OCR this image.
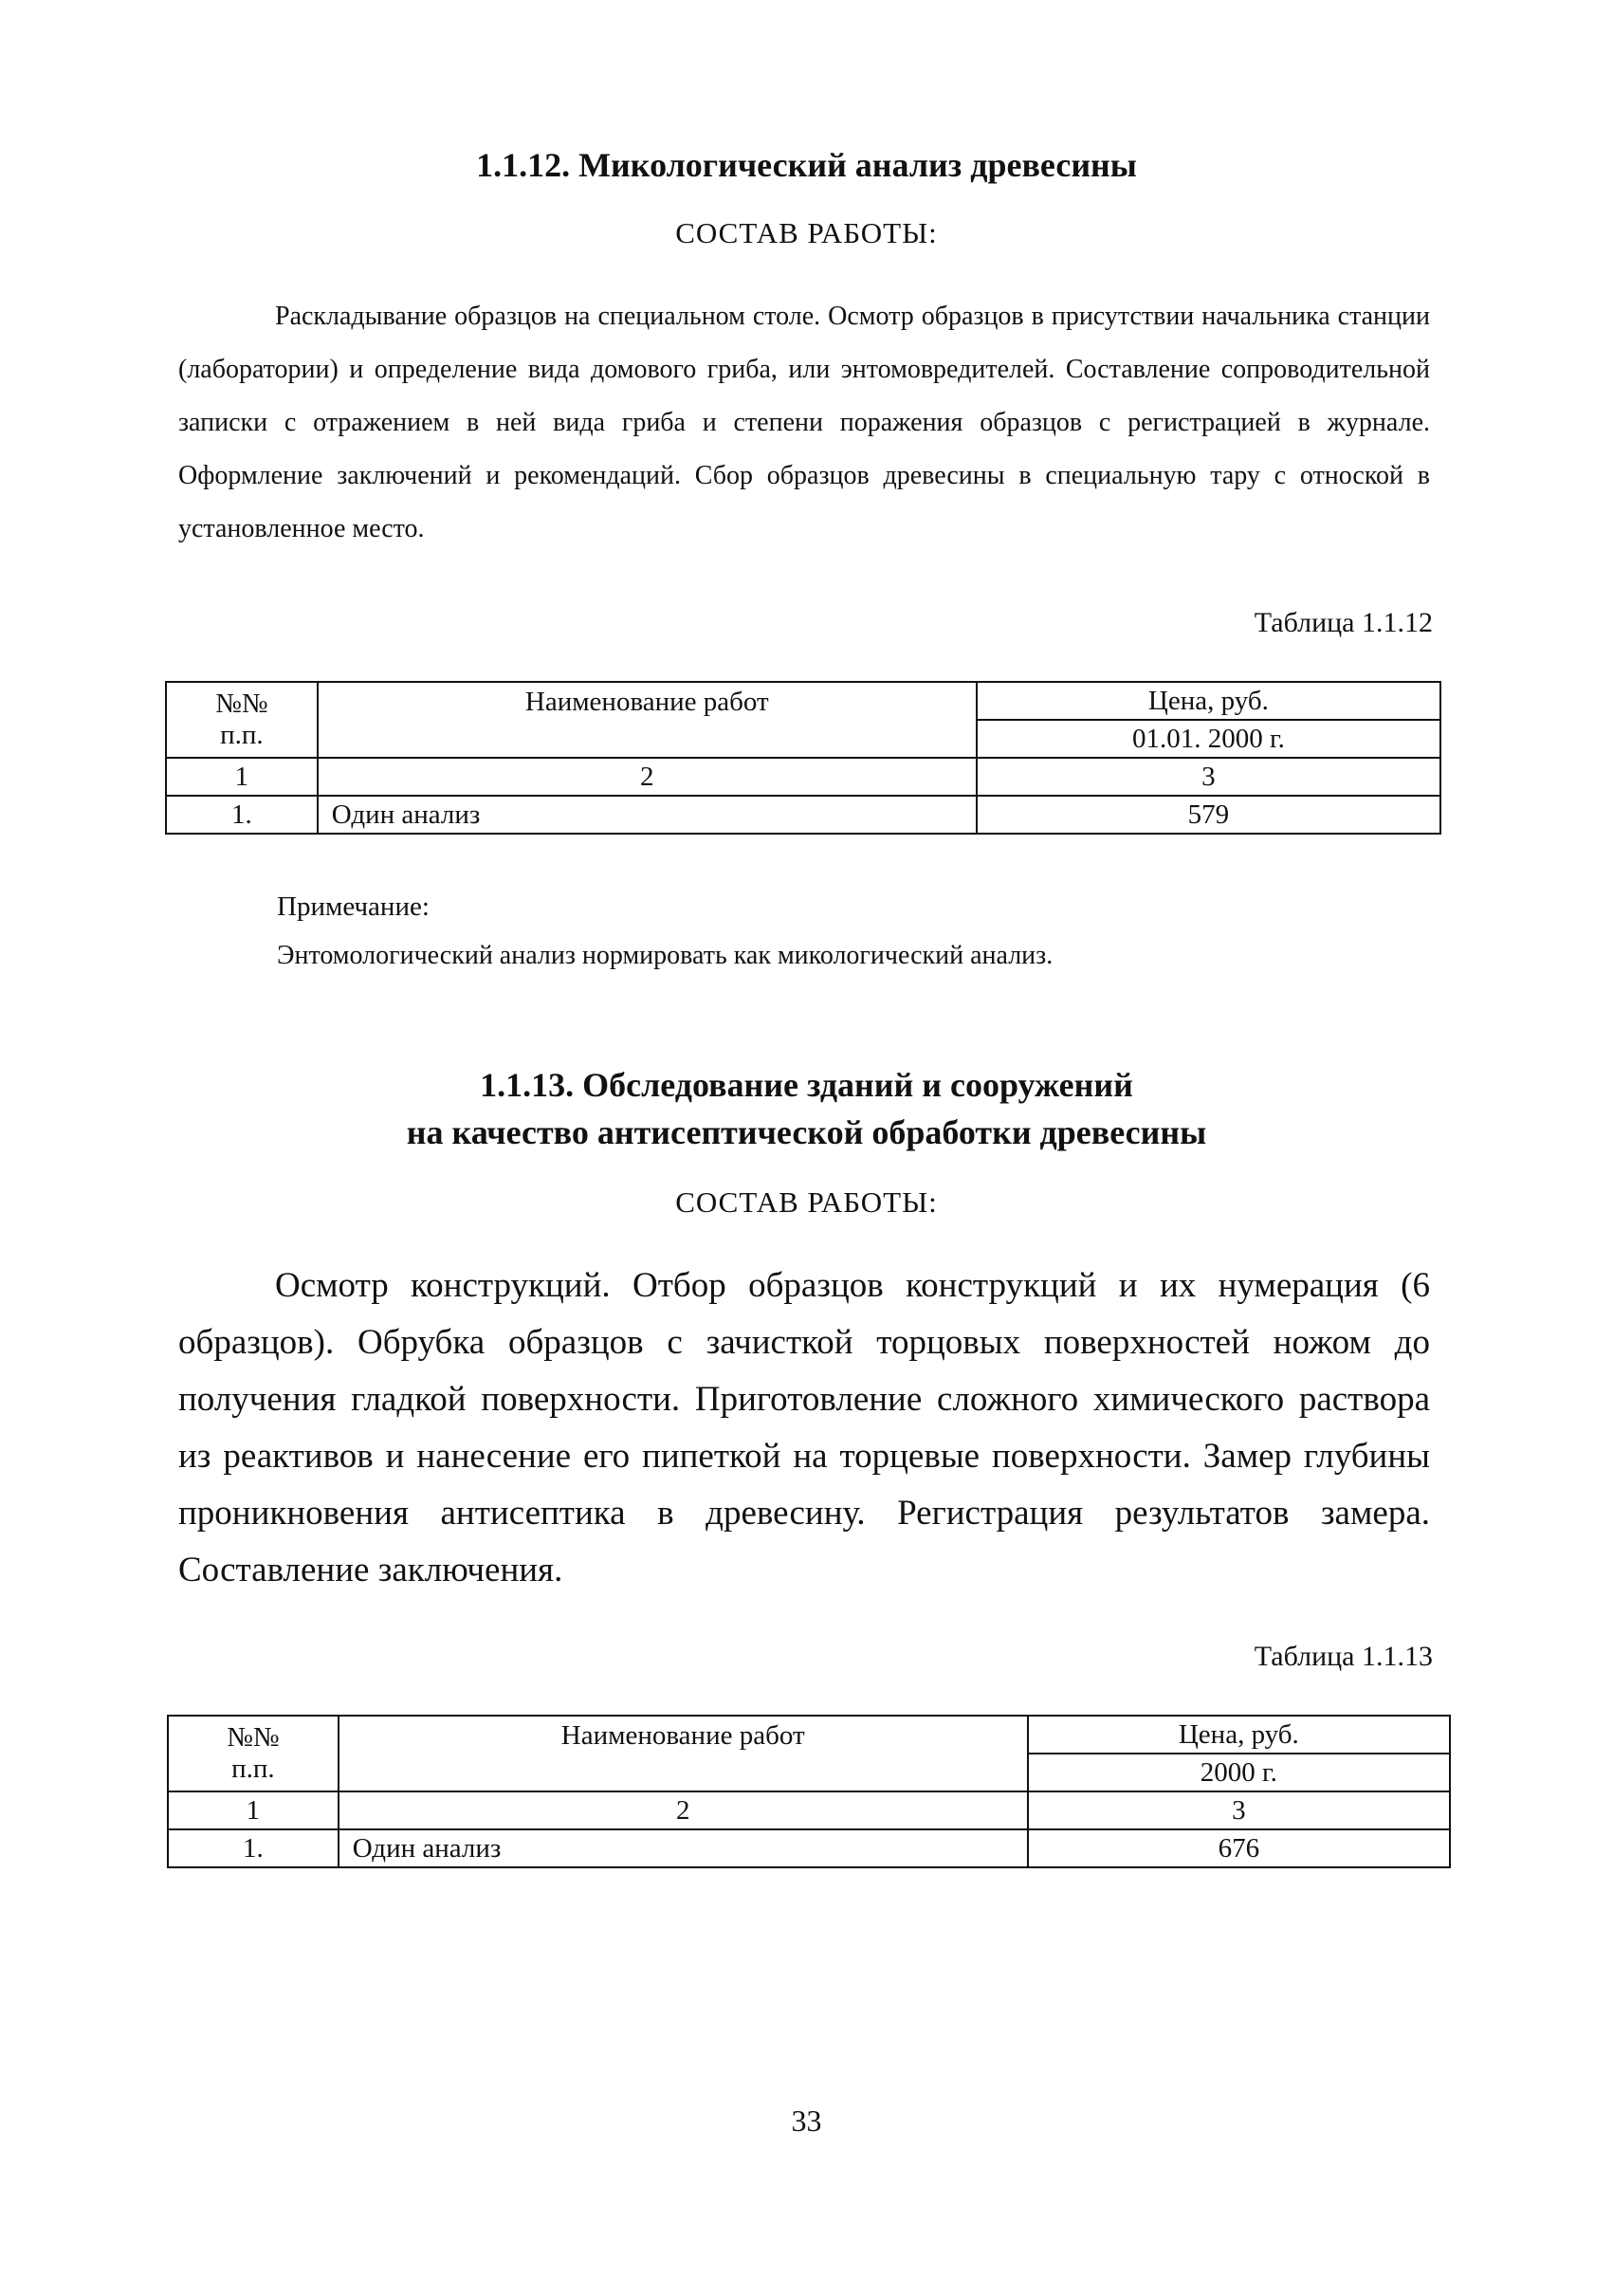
1.1.12. Микологический анализ древесины
СОСТАВ РАБОТЫ:

Раскладывание образцов на специальном столе. Осмотр образцов в присутствии начальника станции (лаборатории) и определение вида домового гриба, или энтомовредителей. Составление сопроводительной записки с отражением в ней вида гриба и степени поражения образцов с регистрацией в журнале. Оформление заключений и рекомендаций. Сбор образцов древесины в специальную тару с отноской в установленное место.

Таблица 1.1.12
№№
п.п.	Наименование работ	Цена, руб.
		01.01. 2000 г.
1	2	3
1.	Один анализ	579
Примечание:
Энтомологический анализ нормировать как микологический анализ.
1.1.13. Обследование зданий и сооружений
на качество антисептической обработки древесины
СОСТАВ РАБОТЫ:

Осмотр конструкций. Отбор образцов конструкций и их нумерация (6 образцов). Обрубка образцов с зачисткой торцовых поверхностей ножом до получения гладкой поверхности. Приготовление сложного химического раствора из реактивов и нанесение его пипеткой на торцевые поверхности. Замер глубины проникновения антисептика в древесину. Регистрация результатов замера. Составление заключения.

Таблица 1.1.13
№№
п.п.	Наименование работ	Цена, руб.
		2000 г.
1	2	3
1.	Один анализ	676
33
